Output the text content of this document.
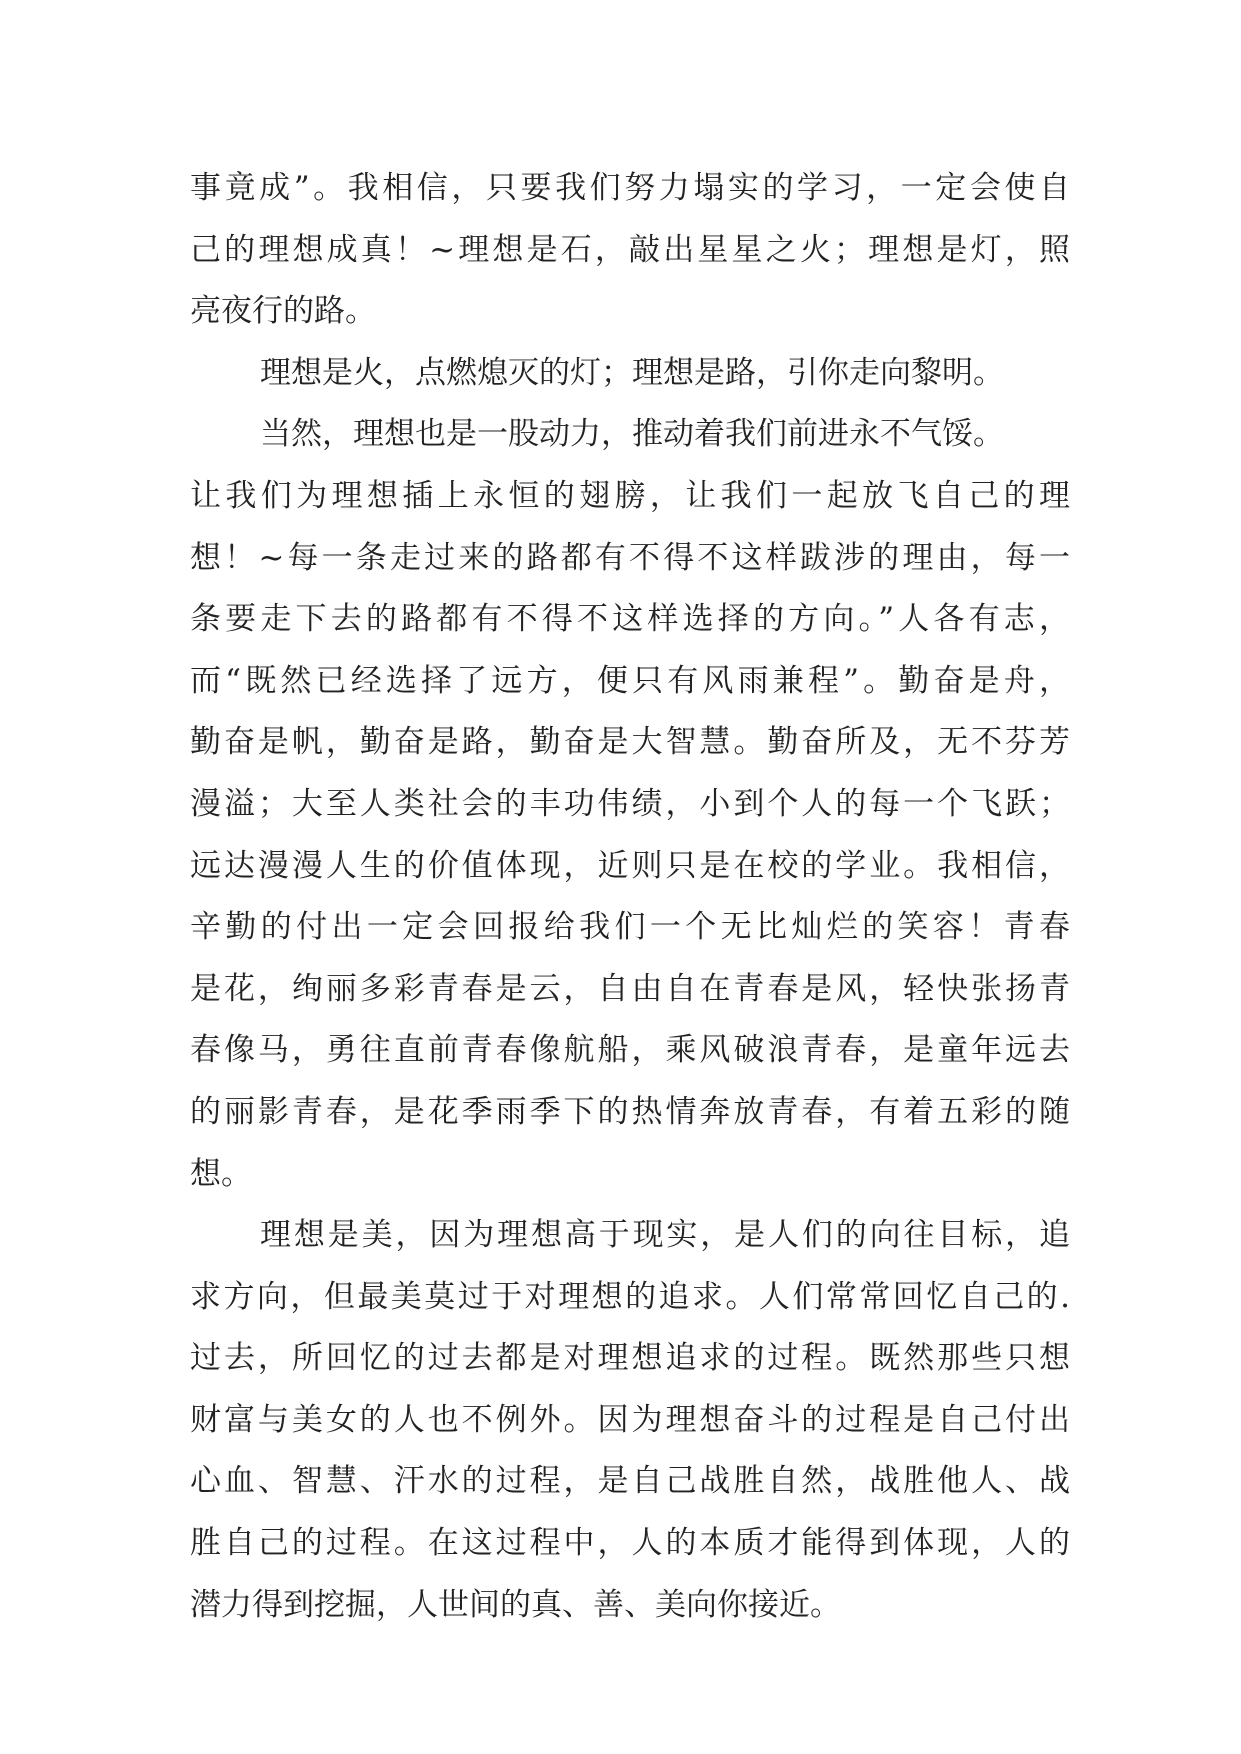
事竟成”。我相信，只要我们努力塌实的学习，一定会使自
己的理想成真！~理想是石，敲出星星之火；理想是灯，照
亮夜行的路。
理想是火，点燃熄灭的灯；理想是路，引你走向黎明。
当然，理想也是一股动力，推动着我们前进永不气馁。
让我们为理想插上永恒的翅膀，让我们一起放飞自己的理
想！~每一条走过来的路都有不得不这样跋涉的理由，每一
条要走下去的路都有不得不这样选择的方向。”人各有志，
而“既然已经选择了远方，便只有风雨兼程”。勤奋是舟，
勤奋是帆，勤奋是路，勤奋是大智慧。勤奋所及，无不芬芳
漫溢；大至人类社会的丰功伟绩，小到个人的每一个飞跃；
远达漫漫人生的价值体现，近则只是在校的学业。我相信，
辛勤的付出一定会回报给我们一个无比灿烂的笑容！青春
是花，绚丽多彩青春是云，自由自在青春是风，轻快张扬青
春像马，勇往直前青春像航船，乘风破浪青春，是童年远去
的丽影青春，是花季雨季下的热情奔放青春，有着五彩的随
想。
理想是美，因为理想高于现实，是人们的向往目标，追
求方向，但最美莫过于对理想的追求。人们常常回忆自己的.
过去，所回忆的过去都是对理想追求的过程。既然那些只想
财富与美女的人也不例外。因为理想奋斗的过程是自己付出
心血、智慧、汗水的过程，是自己战胜自然，战胜他人、战
胜自己的过程。在这过程中，人的本质才能得到体现，人的
潜力得到挖掘，人世间的真、善、美向你接近。
